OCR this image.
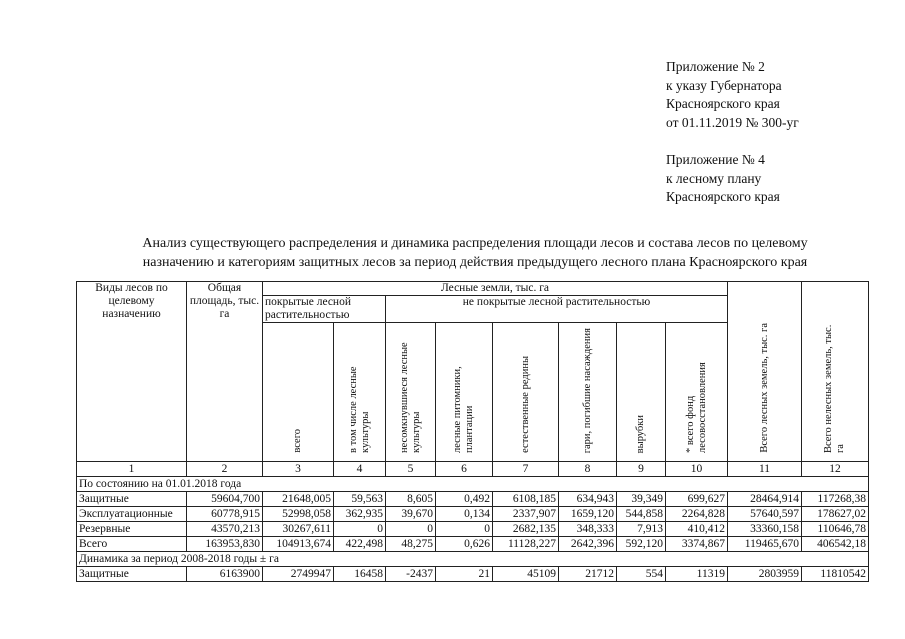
Приложение № 2
к указу Губернатора
Красноярского края
от 01.11.2019 № 300-уг
Приложение № 4
к лесному плану
Красноярского края
Анализ существующего распределения и динамика распределения площади лесов и состава лесов по целевому
назначению и категориям защитных лесов за период действия предыдущего лесного плана Красноярского края
Виды лесов по целевому назначению	Общая площадь, тыс. га	Лесные земли, тыс. га								Всего лесных земель, тыс. га	Всего нелесных земель, тыс. га
		покрытые лесной растительностью		не покрытые лесной растительностью							
		всего	в том числе лесные культуры	несомкнувшиеся лесные культуры	лесные питомники, плантации	естественные редины	гари, погибшие насаждения	вырубки	* всего фонд лесовосстановления		
1	2	3	4	5	6	7	8	9	10	11	12
По состоянию на 01.01.2018 года											
Защитные	59604,700	21648,005	59,563	8,605	0,492	6108,185	634,943	39,349	699,627	28464,914	117268,38
Эксплуатационные	60778,915	52998,058	362,935	39,670	0,134	2337,907	1659,120	544,858	2264,828	57640,597	178627,02
Резервные	43570,213	30267,611	0	0	0	2682,135	348,333	7,913	410,412	33360,158	110646,78
Всего	163953,830	104913,674	422,498	48,275	0,626	11128,227	2642,396	592,120	3374,867	119465,670	406542,18
Динамика за период 2008-2018 годы ± га											
Защитные	6163900	2749947	16458	-2437	21	45109	21712	554	11319	2803959	11810542
